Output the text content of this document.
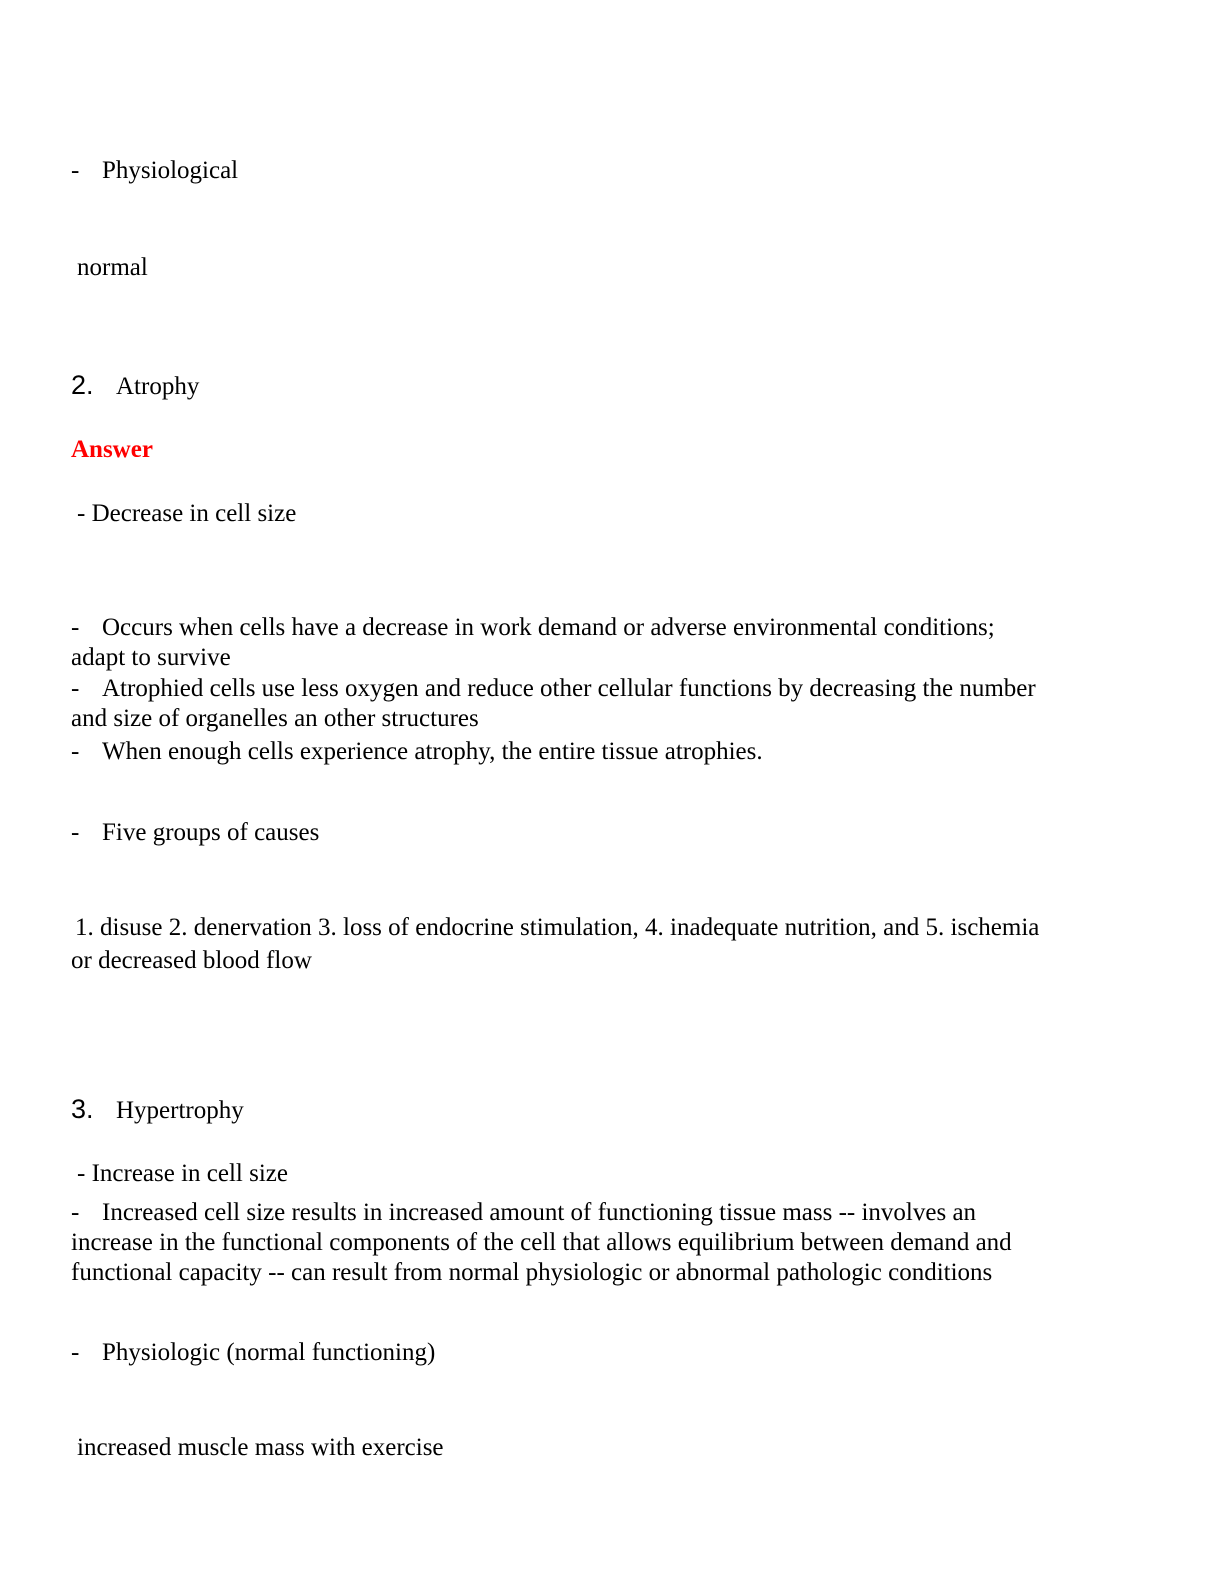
- Physiological
normal
2. Atrophy
Answer
- Decrease in cell size
- Occurs when cells have a decrease in work demand or adverse environmental conditions;
adapt to survive
- Atrophied cells use less oxygen and reduce other cellular functions by decreasing the number
and size of organelles an other structures
- When enough cells experience atrophy, the entire tissue atrophies.
- Five groups of causes
1. disuse 2. denervation 3. loss of endocrine stimulation, 4. inadequate nutrition, and 5. ischemia
or decreased blood flow
3. Hypertrophy
- Increase in cell size
- Increased cell size results in increased amount of functioning tissue mass -- involves an
increase in the functional components of the cell that allows equilibrium between demand and
functional capacity -- can result from normal physiologic or abnormal pathologic conditions
- Physiologic (normal functioning)
increased muscle mass with exercise
